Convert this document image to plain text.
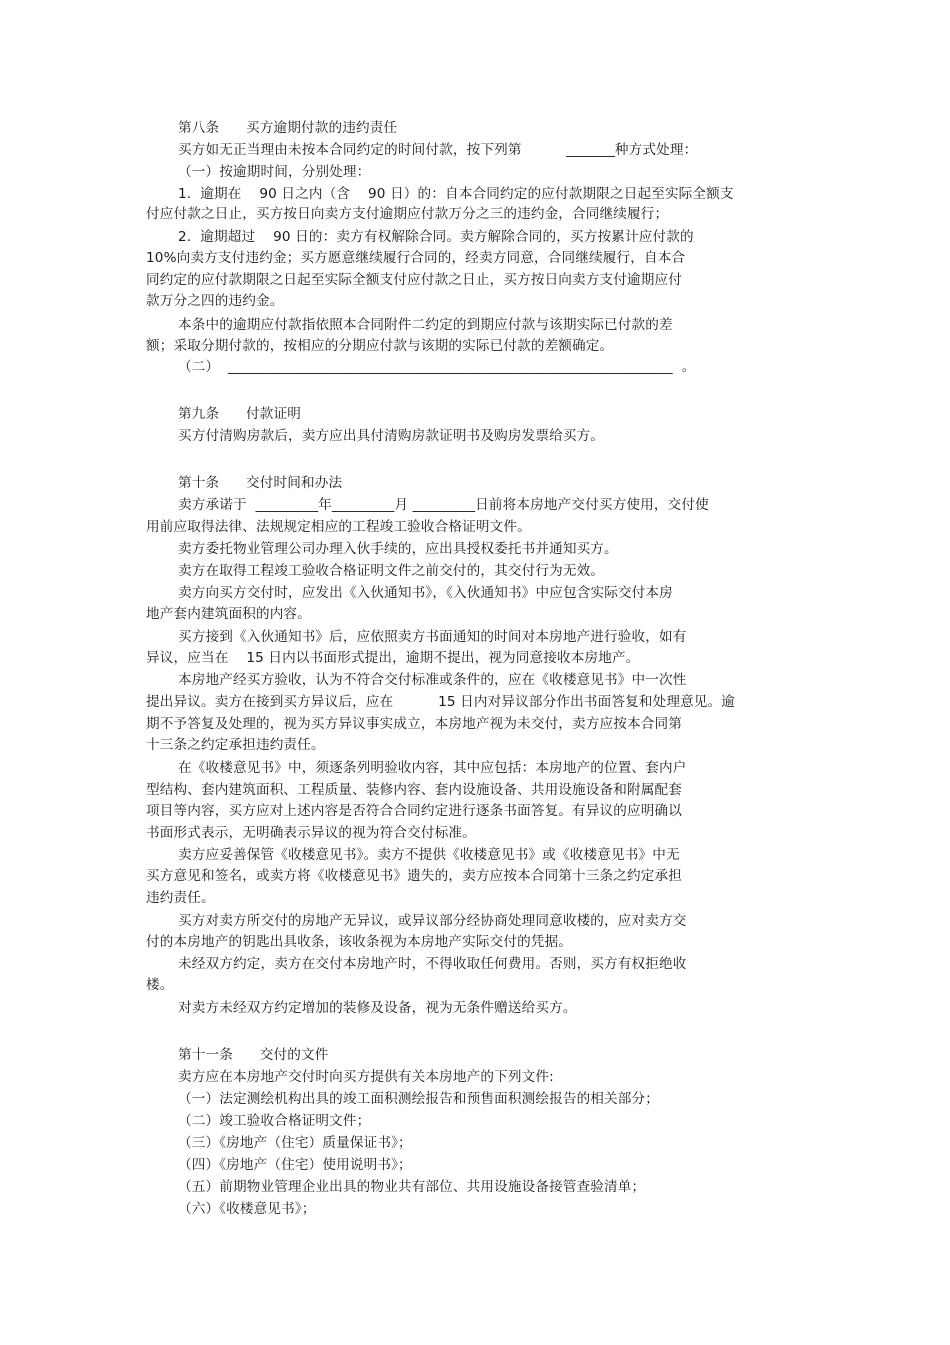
第八条      买方逾期付款的违约责任
买方如无正当理由未按本合同约定的时间付款，按下列第          _______种方式处理：
（一）按逾期时间，分别处理：
1.  逾期在    90 日之内（含    90 日）的：自本合同约定的应付款期限之日起至实际全额支
付应付款之日止，买方按日向卖方支付逾期应付款万分之三的违约金，合同继续履行；
2.  逾期超过    90 日的：卖方有权解除合同。卖方解除合同的，买方按累计应付款的
10%向卖方支付违约金；买方愿意继续履行合同的，经卖方同意，合同继续履行，自本合
同约定的应付款期限之日起至实际全额支付应付款之日止，买方按日向卖方支付逾期应付
款万分之四的违约金。
本条中的逾期应付款指依照本合同附件二约定的到期应付款与该期实际已付款的差
额；采取分期付款的，按相应的分期应付款与该期的实际已付款的差额确定。
（二）  ________________________________________________________________  。
第九条      付款证明
买方付清购房款后，卖方应出具付清购房款证明书及购房发票给买方。
第十条      交付时间和办法
卖方承诺于  _________年_________月 _________日前将本房地产交付买方使用，交付使
用前应取得法律、法规规定相应的工程竣工验收合格证明文件。
卖方委托物业管理公司办理入伙手续的，应出具授权委托书并通知买方。
卖方在取得工程竣工验收合格证明文件之前交付的，其交付行为无效。
卖方向买方交付时，应发出《入伙通知书》，《入伙通知书》中应包含实际交付本房
地产套内建筑面积的内容。
买方接到《入伙通知书》后，应依照卖方书面通知的时间对本房地产进行验收，如有
异议，应当在    15 日内以书面形式提出，逾期不提出，视为同意接收本房地产。
本房地产经买方验收，认为不符合交付标准或条件的，应在《收楼意见书》中一次性
提出异议。卖方在接到买方异议后，应在          15 日内对异议部分作出书面答复和处理意见。逾
期不予答复及处理的，视为买方异议事实成立，本房地产视为未交付，卖方应按本合同第
十三条之约定承担违约责任。
在《收楼意见书》中，须逐条列明验收内容，其中应包括：本房地产的位置、套内户
型结构、套内建筑面积、工程质量、装修内容、套内设施设备、共用设施设备和附属配套
项目等内容，买方应对上述内容是否符合合同约定进行逐条书面答复。有异议的应明确以
书面形式表示，无明确表示异议的视为符合交付标准。
卖方应妥善保管《收楼意见书》。卖方不提供《收楼意见书》或《收楼意见书》中无
买方意见和签名，或卖方将《收楼意见书》遗失的，卖方应按本合同第十三条之约定承担
违约责任。
买方对卖方所交付的房地产无异议，或异议部分经协商处理同意收楼的，应对卖方交
付的本房地产的钥匙出具收条，该收条视为本房地产实际交付的凭据。
未经双方约定，卖方在交付本房地产时，不得收取任何费用。否则，买方有权拒绝收
楼。
对卖方未经双方约定增加的装修及设备，视为无条件赠送给买方。
第十一条      交付的文件
卖方应在本房地产交付时向买方提供有关本房地产的下列文件:
（一）法定测绘机构出具的竣工面积测绘报告和预售面积测绘报告的相关部分；
（二）竣工验收合格证明文件；
（三）《房地产（住宅）质量保证书》；
（四）《房地产（住宅）使用说明书》；
（五）前期物业管理企业出具的物业共有部位、共用设施设备接管查验清单；
（六）《收楼意见书》；
